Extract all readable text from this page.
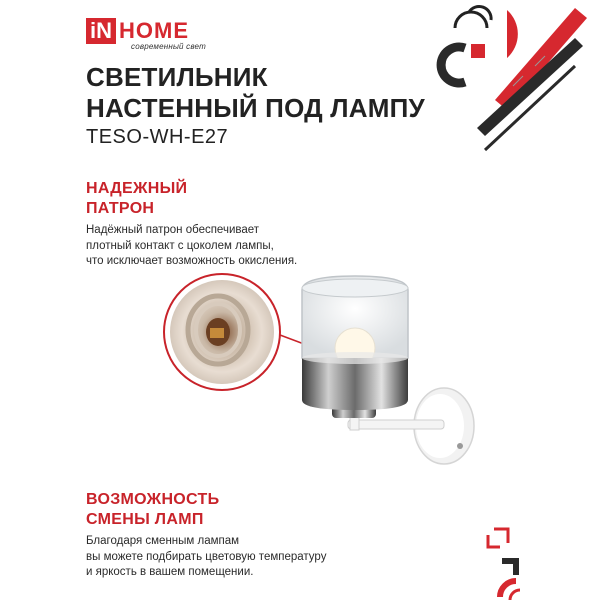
iN HOME
современный свет
СВЕТИЛЬНИК
НАСТЕННЫЙ ПОД ЛАМПУ
TESO-WH-E27
НАДЕЖНЫЙ
ПАТРОН
Надёжный патрон обеспечивает
плотный контакт с цоколем лампы,
что исключает возможность окисления.
ВОЗМОЖНОСТЬ
СМЕНЫ ЛАМП
Благодаря сменным лампам
вы можете подбирать цветовую температуру
и яркость в вашем помещении.
